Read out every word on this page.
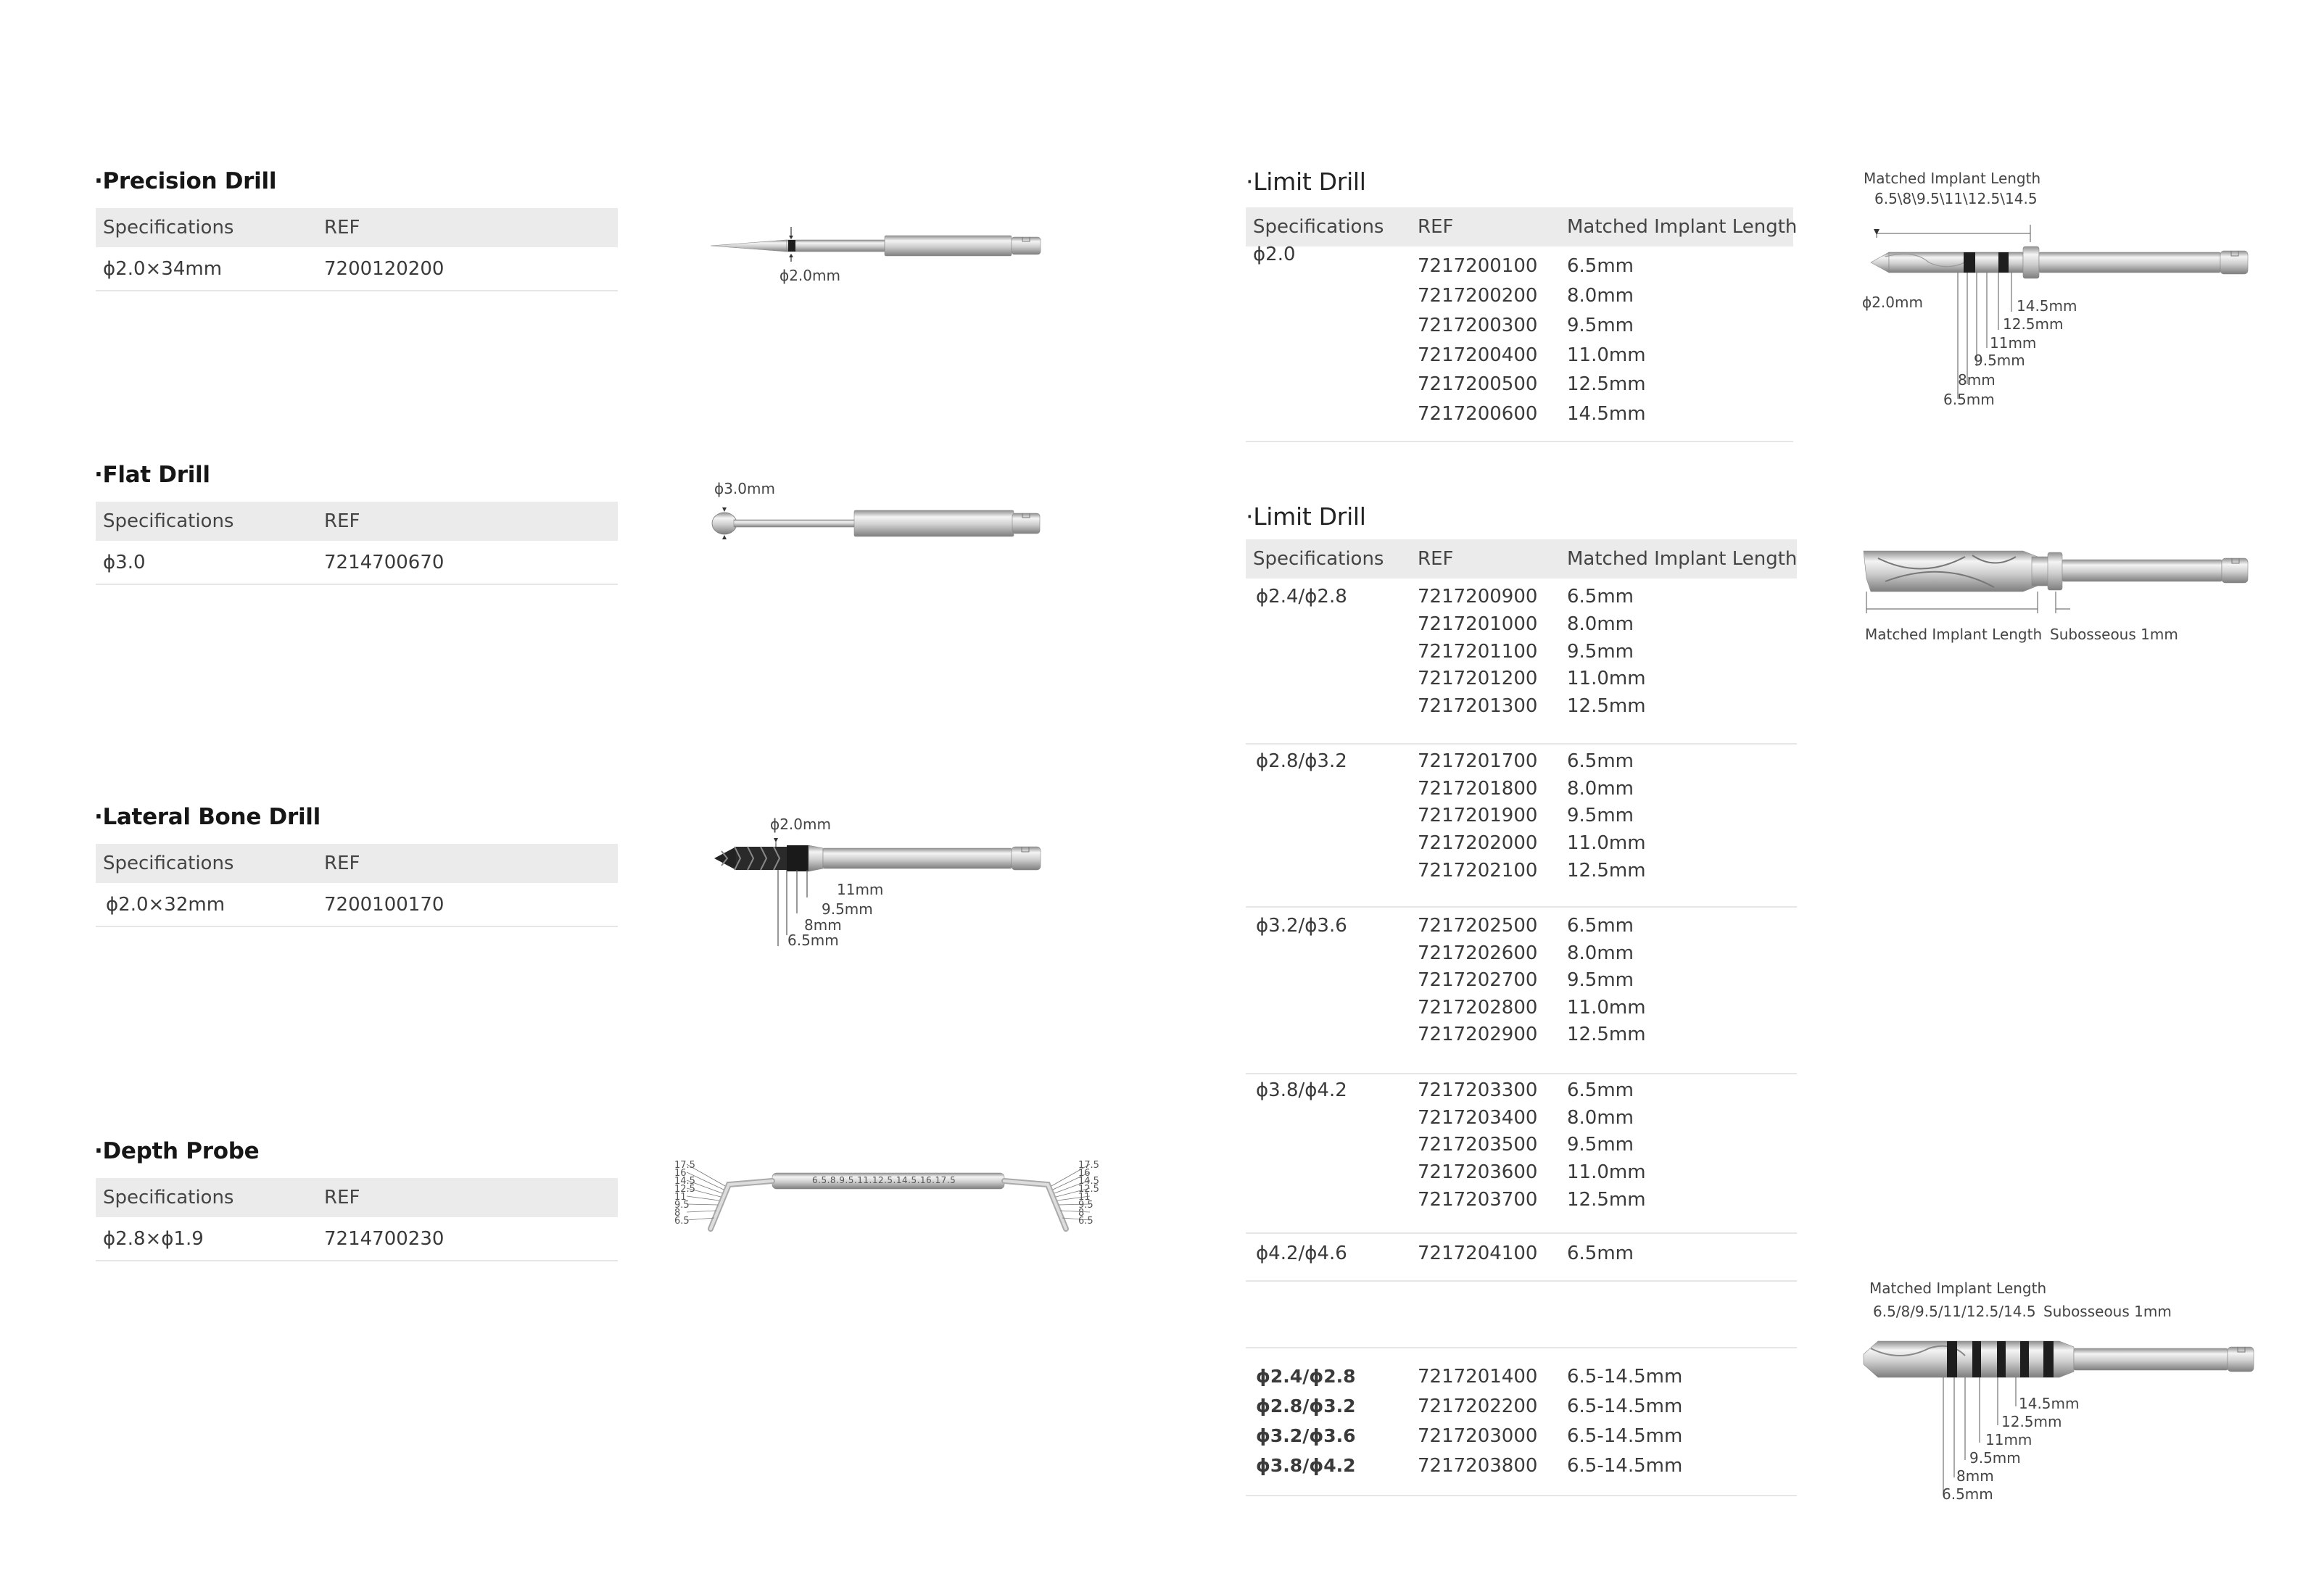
·Precision Drill
Specifications	REF
ϕ2.0×34mm	7200120200	ϕ2.0mm
·Flat Drill
Specifications	REF
ϕ3.0	7214700670
ϕ3.0mm
·Lateral Bone Drill
Specifications	REF
ϕ2.0×32mm	7200100170
ϕ2.0mm
11mm
9.5mm
8mm
6.5mm
·Depth Probe
Specifications	REF
ϕ2.8×ϕ1.9	7214700230
6.5.8.9.5.11.12.5.14.5.16.17.5
17.5
16
14.5
12.5
11
9.5
8
6.5
17.5
16
14.5
12.5
11
9.5
8
6.5
·Limit Drill
Specifications REF	Matched Implant Length
ϕ2.0
7217200100 6.5mm
7217200200 8.0mm
7217200300 9.5mm
7217200400 11.0mm
7217200500 12.5mm
7217200600 14.5mm
Matched Implant Length
6.5\8\9.5\11\12.5\14.5
ϕ2.0mm	14.5mm
12.5mm
11mm
9.5mm
8mm
6.5mm
·Limit Drill
Specifications REF	Matched Implant Length
ϕ2.4/ϕ2.8	7217200900 6.5mm
7217201000 8.0mm
7217201100 9.5mm
7217201200 11.0mm
7217201300 12.5mm
ϕ2.8/ϕ3.2	7217201700 6.5mm
7217201800 8.0mm
7217201900 9.5mm
7217202000 11.0mm
7217202100 12.5mm
ϕ3.2/ϕ3.6	7217202500 6.5mm
7217202600 8.0mm
7217202700 9.5mm
7217202800 11.0mm
7217202900 12.5mm
ϕ3.8/ϕ4.2	7217203300 6.5mm
7217203400 8.0mm
7217203500 9.5mm
7217203600 11.0mm
7217203700 12.5mm
ϕ4.2/ϕ4.6	7217204100 6.5mm
ϕ2.4/ϕ2.8	7217201400 6.5-14.5mm
ϕ2.8/ϕ3.2	7217202200 6.5-14.5mm
ϕ3.2/ϕ3.6	7217203000 6.5-14.5mm
ϕ3.8/ϕ4.2	7217203800 6.5-14.5mm
Matched Implant Length Subosseous 1mm
Matched Implant Length
6.5/8/9.5/11/12.5/14.5 Subosseous 1mm
14.5mm
12.5mm
11mm
9.5mm
8mm
6.5mm
